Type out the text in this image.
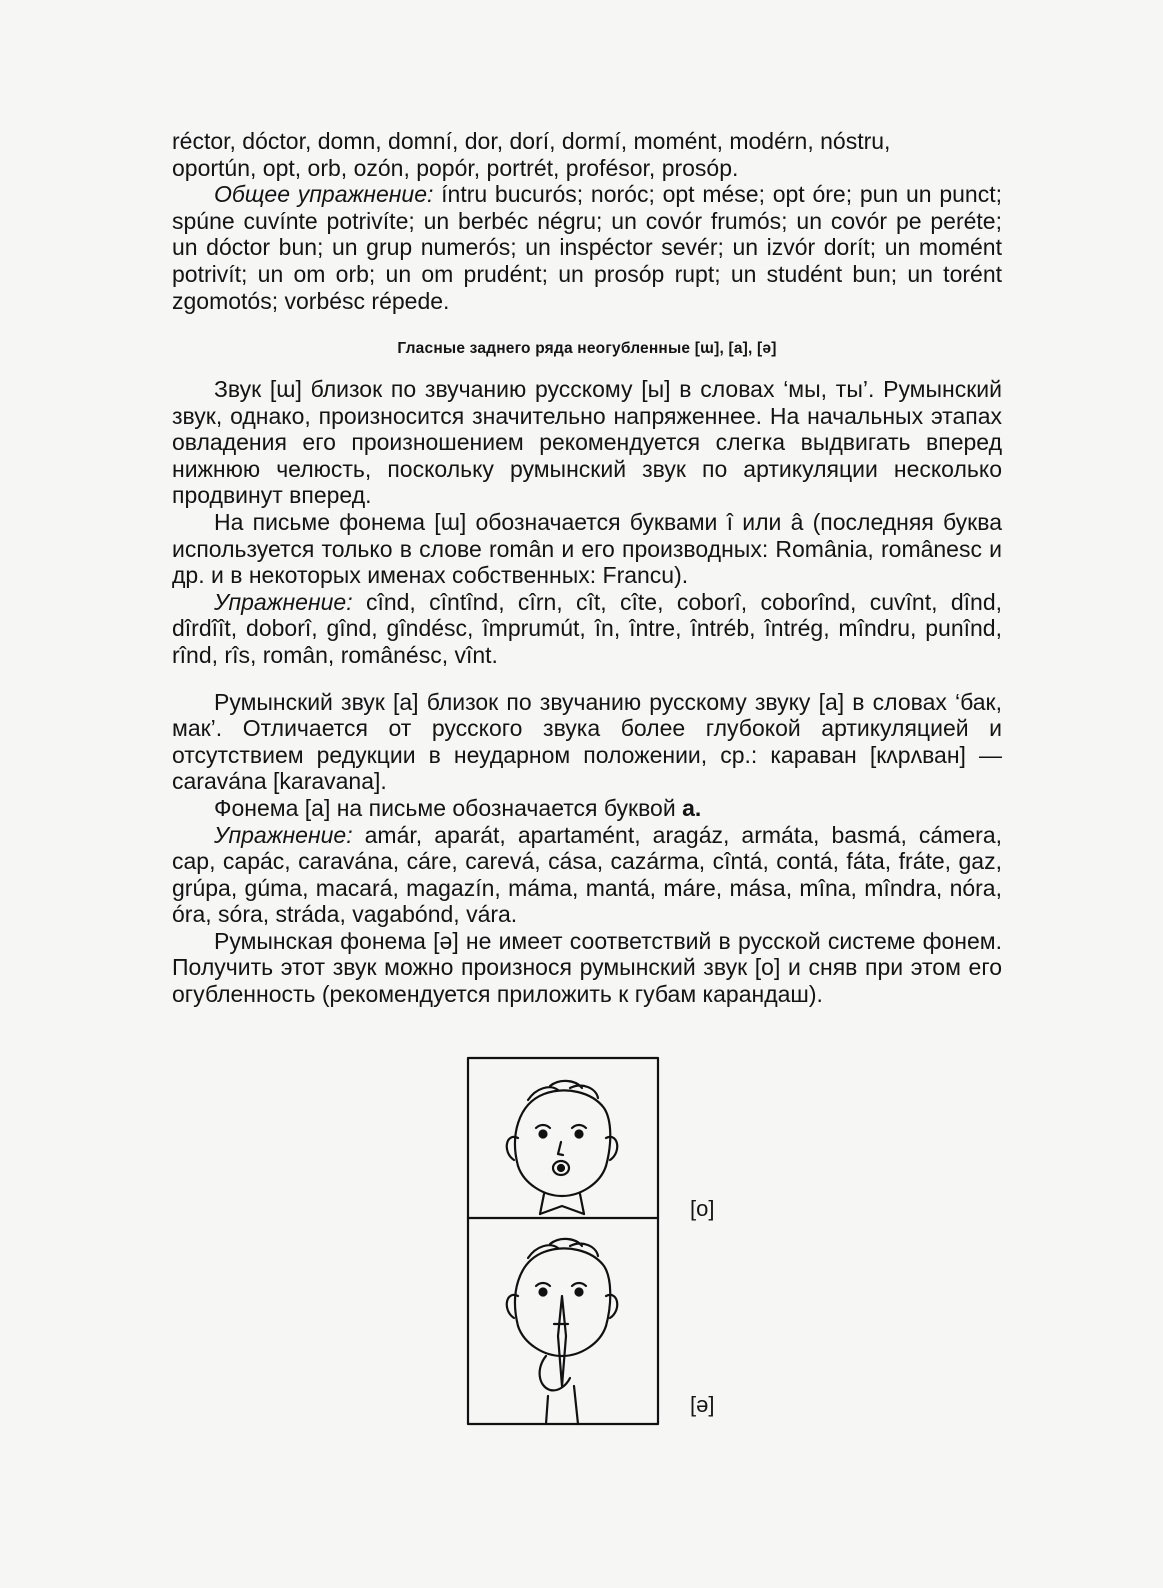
réctor, dóctor, domn, domní, dor, dorí, dormí, momént, modérn, nóstru,

oportún, opt, orb, ozón, popór, portrét, profésor, prosóp.

Общее упражнение: íntru bucurós; noróc; opt mése; opt óre; pun un punct; spúne cuvínte potrivíte; un berbéc négru; un covór frumós; un covór pe peréte; un dóctor bun; un grup numerós; un inspéctor sevér; un izvór dorít; un momént potrivít; un om orb; un om prudént; un prosóp rupt; un studént bun; un torént zgomotós; vorbésc répede.

Гласные заднего ряда неогубленные [ɯ], [a], [ə]

Звук [ɯ] близок по звучанию русскому [ы] в словах ‘мы, ты’. Румынский звук, однако, произносится значительно напряженнее. На начальных этапах овладения его произношением рекомендуется слегка выдвигать вперед нижнюю челюсть, поскольку румынский звук по артикуляции несколько продвинут вперед.

На письме фонема [ɯ] обозначается буквами î или â (последняя буква используется только в слове român и его производных: România, românesc и др. и в некоторых именах собственных: Francu).

Упражнение: cînd, cîntînd, cîrn, cît, cîte, coborî, coborînd, cuvînt, dînd, dîrdîît, doborî, gînd, gîndésc, împrumút, în, între, întréb, întrég, mîndru, punînd, rînd, rîs, român, românésc, vînt.

Румынский звук [a] близок по звучанию русскому звуку [a] в словах ‘бак, мак’. Отличается от русского звука более глубокой артикуляцией и отсутствием редукции в неударном положении, ср.: караван [кʌрʌван] — caravána [karavana].

Фонема [a] на письме обозначается буквой a.

Упражнение: amár, aparát, apartamént, aragáz, armáta, basmá, cámera, cap, capác, caravána, cáre, carevá, cása, cazárma, cîntá, contá, fáta, fráte, gaz, grúpa, gúma, macará, magazín, máma, mantá, máre, mása, mîna, mîndra, nóra, óra, sóra, stráda, vagabónd, vára.

Румынская фонема [ə] не имеет соответствий в русской системе фонем. Получить этот звук можно произнося румынский звук [о] и сняв при этом его огубленность (рекомендуется приложить к губам карандаш).

[o]
[ə]
